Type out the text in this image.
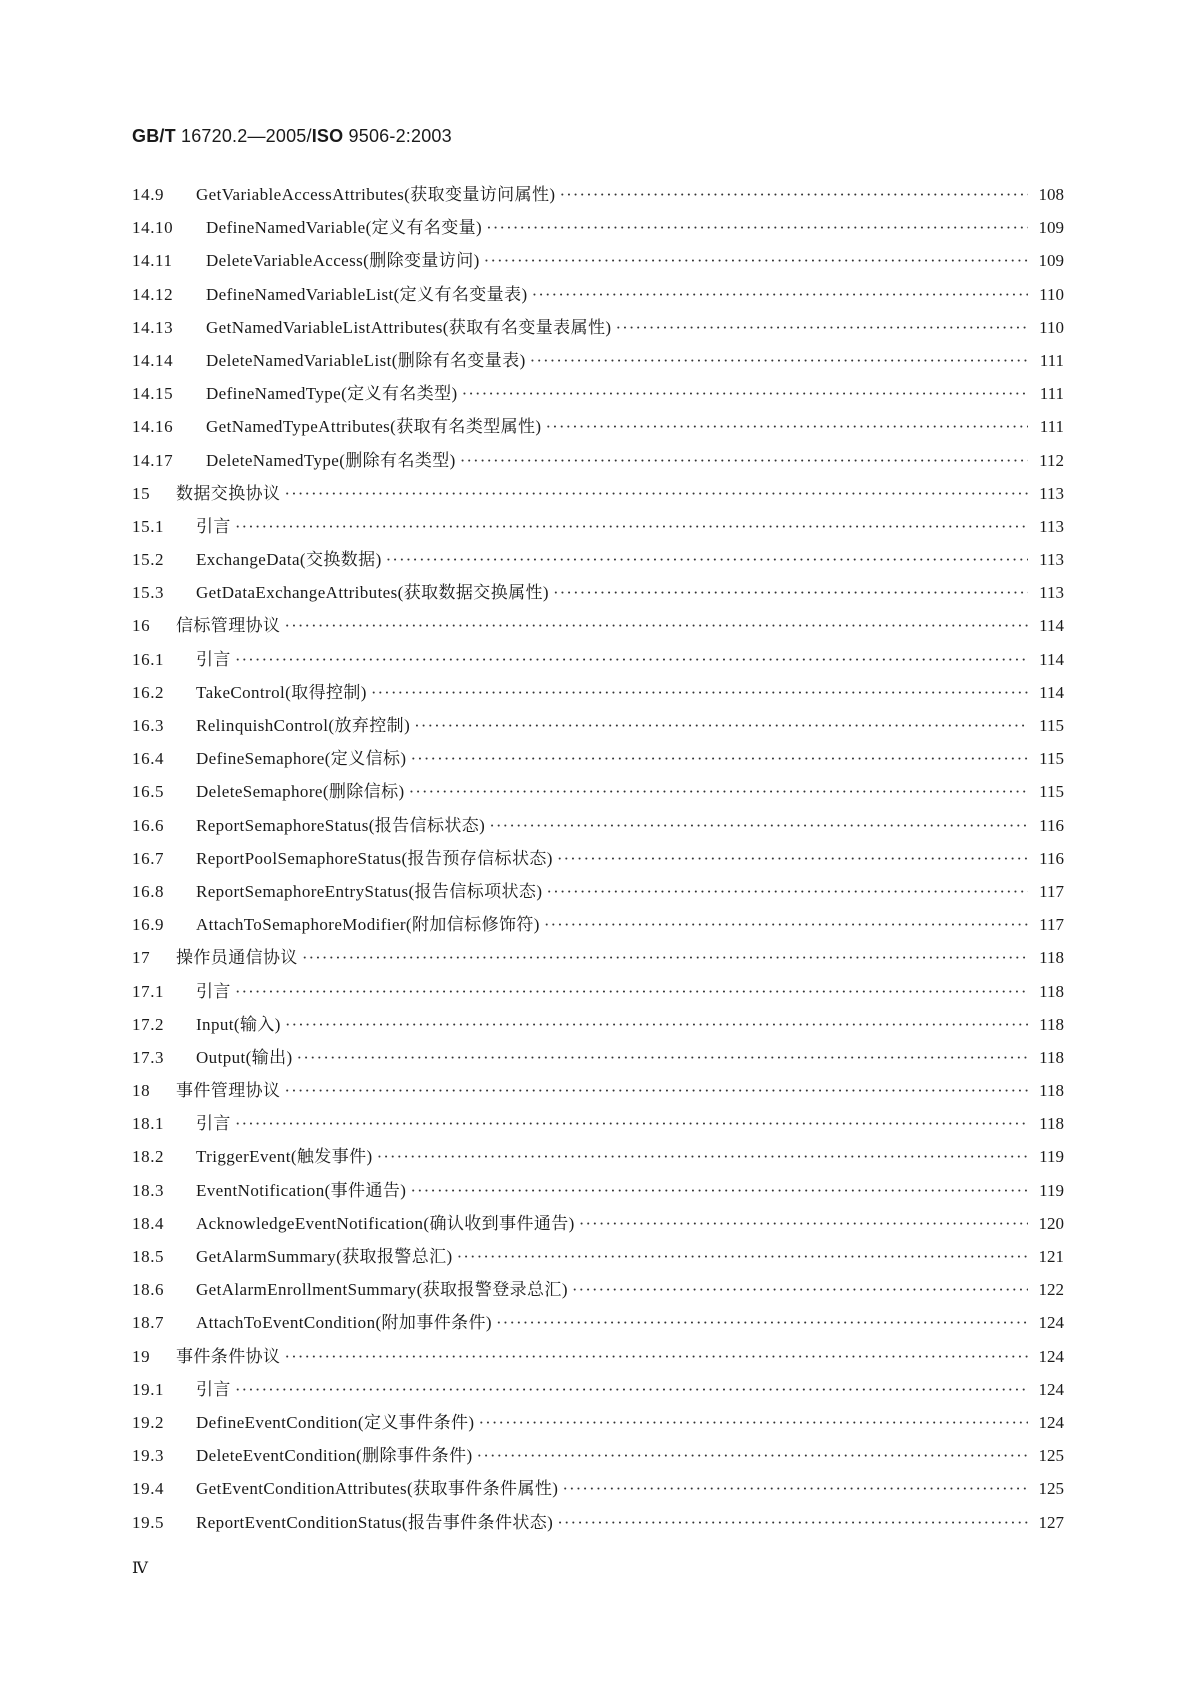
GB/T 16720.2—2005/ISO 9506-2:2003
14.9	GetVariableAccessAttributes(获取变量访问属性) ·····	108
14.10	DefineNamedVariable(定义有名变量) ·····	109
14.11	DeleteVariableAccess(删除变量访问) ·····	109
14.12	DefineNamedVariableList(定义有名变量表) ·····	110
14.13	GetNamedVariableListAttributes(获取有名变量表属性) ·····	110
14.14	DeleteNamedVariableList(删除有名变量表) ·····	111
14.15	DefineNamedType(定义有名类型) ·····	111
14.16	GetNamedTypeAttributes(获取有名类型属性) ·····	111
14.17	DeleteNamedType(删除有名类型) ·····	112
15	数据交换协议 ·····	113
15.1	引言 ·····	113
15.2	ExchangeData(交换数据) ·····	113
15.3	GetDataExchangeAttributes(获取数据交换属性) ·····	113
16	信标管理协议 ·····	114
16.1	引言 ·····	114
16.2	TakeControl(取得控制) ·····	114
16.3	RelinquishControl(放弃控制) ·····	115
16.4	DefineSemaphore(定义信标) ·····	115
16.5	DeleteSemaphore(删除信标) ·····	115
16.6	ReportSemaphoreStatus(报告信标状态) ·····	116
16.7	ReportPoolSemaphoreStatus(报告预存信标状态) ·····	116
16.8	ReportSemaphoreEntryStatus(报告信标项状态) ·····	117
16.9	AttachToSemaphoreModifier(附加信标修饰符) ·····	117
17	操作员通信协议 ·····	118
17.1	引言 ·····	118
17.2	Input(输入) ·····	118
17.3	Output(输出) ·····	118
18	事件管理协议 ·····	118
18.1	引言 ·····	118
18.2	TriggerEvent(触发事件) ·····	119
18.3	EventNotification(事件通告) ·····	119
18.4	AcknowledgeEventNotification(确认收到事件通告) ·····	120
18.5	GetAlarmSummary(获取报警总汇) ·····	121
18.6	GetAlarmEnrollmentSummary(获取报警登录总汇) ·····	122
18.7	AttachToEventCondition(附加事件条件) ·····	124
19	事件条件协议 ·····	124
19.1	引言 ·····	124
19.2	DefineEventCondition(定义事件条件) ·····	124
19.3	DeleteEventCondition(删除事件条件) ·····	125
19.4	GetEventConditionAttributes(获取事件条件属性) ·····	125
19.5	ReportEventConditionStatus(报告事件条件状态) ·····	127
Ⅳ
